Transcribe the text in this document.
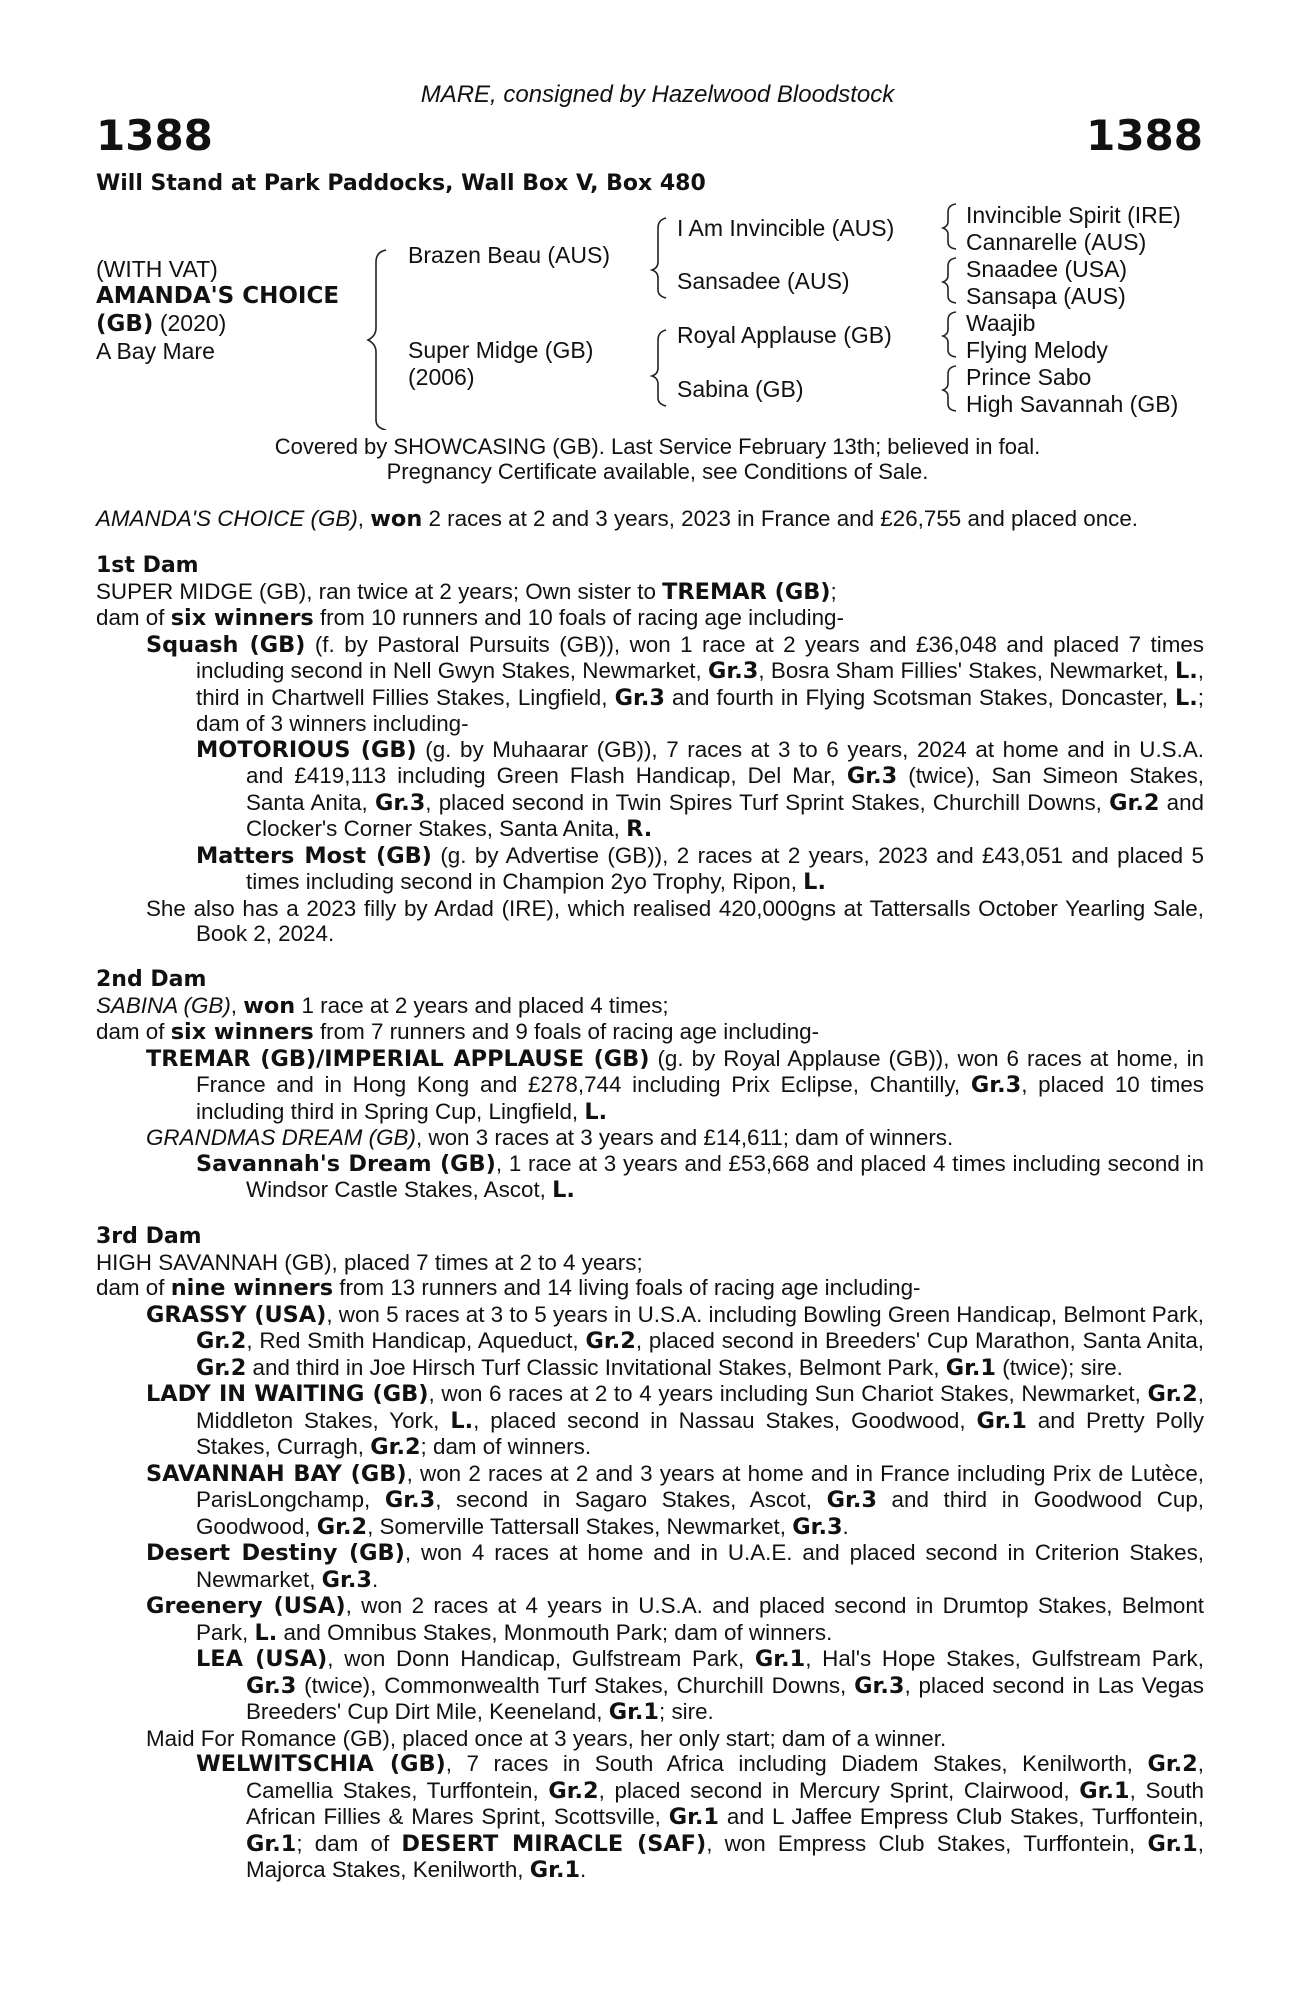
MARE, consigned by Hazelwood Bloodstock
1388	1388
Will Stand at Park Paddocks, Wall Box V, Box 480
(WITH VAT)
AMANDA'S CHOICE
(GB) (2020)
A Bay Mare
Brazen Beau (AUS)
Super Midge (GB)
(2006)
I Am Invincible (AUS)
Sansadee (AUS)
Royal Applause (GB)
Sabina (GB)
Invincible Spirit (IRE)
Cannarelle (AUS)
Snaadee (USA)
Sansapa (AUS)
Waajib
Flying Melody
Prince Sabo
High Savannah (GB)
Covered by SHOWCASING (GB). Last Service February 13th; believed in foal.
Pregnancy Certificate available, see Conditions of Sale.

AMANDA'S CHOICE (GB), won 2 races at 2 and 3 years, 2023 in France and £26,755 and placed once.

1st Dam

SUPER MIDGE (GB), ran twice at 2 years; Own sister to TREMAR (GB);

dam of six winners from 10 runners and 10 foals of racing age including-

Squash (GB) (f. by Pastoral Pursuits (GB)), won 1 race at 2 years and £36,048 and placed 7 times including second in Nell Gwyn Stakes, Newmarket, Gr.3, Bosra Sham Fillies' Stakes, Newmarket, L., third in Chartwell Fillies Stakes, Lingfield, Gr.3 and fourth in Flying Scotsman Stakes, Doncaster, L.; dam of 3 winners including-

MOTORIOUS (GB) (g. by Muhaarar (GB)), 7 races at 3 to 6 years, 2024 at home and in U.S.A. and £419,113 including Green Flash Handicap, Del Mar, Gr.3 (twice), San Simeon Stakes, Santa Anita, Gr.3, placed second in Twin Spires Turf Sprint Stakes, Churchill Downs, Gr.2 and Clocker's Corner Stakes, Santa Anita, R.

Matters Most (GB) (g. by Advertise (GB)), 2 races at 2 years, 2023 and £43,051 and placed 5 times including second in Champion 2yo Trophy, Ripon, L.

She also has a 2023 filly by Ardad (IRE), which realised 420,000gns at Tattersalls October Yearling Sale, Book 2, 2024.

2nd Dam

SABINA (GB), won 1 race at 2 years and placed 4 times;

dam of six winners from 7 runners and 9 foals of racing age including-

TREMAR (GB)/IMPERIAL APPLAUSE (GB) (g. by Royal Applause (GB)), won 6 races at home, in France and in Hong Kong and £278,744 including Prix Eclipse, Chantilly, Gr.3, placed 10 times including third in Spring Cup, Lingfield, L.

GRANDMAS DREAM (GB), won 3 races at 3 years and £14,611; dam of winners.

Savannah's Dream (GB), 1 race at 3 years and £53,668 and placed 4 times including second in Windsor Castle Stakes, Ascot, L.

3rd Dam

HIGH SAVANNAH (GB), placed 7 times at 2 to 4 years;

dam of nine winners from 13 runners and 14 living foals of racing age including-

GRASSY (USA), won 5 races at 3 to 5 years in U.S.A. including Bowling Green Handicap, Belmont Park, Gr.2, Red Smith Handicap, Aqueduct, Gr.2, placed second in Breeders' Cup Marathon, Santa Anita, Gr.2 and third in Joe Hirsch Turf Classic Invitational Stakes, Belmont Park, Gr.1 (twice); sire.

LADY IN WAITING (GB), won 6 races at 2 to 4 years including Sun Chariot Stakes, Newmarket, Gr.2, Middleton Stakes, York, L., placed second in Nassau Stakes, Goodwood, Gr.1 and Pretty Polly Stakes, Curragh, Gr.2; dam of winners.

SAVANNAH BAY (GB), won 2 races at 2 and 3 years at home and in France including Prix de Lutèce, ParisLongchamp, Gr.3, second in Sagaro Stakes, Ascot, Gr.3 and third in Goodwood Cup, Goodwood, Gr.2, Somerville Tattersall Stakes, Newmarket, Gr.3.

Desert Destiny (GB), won 4 races at home and in U.A.E. and placed second in Criterion Stakes, Newmarket, Gr.3.

Greenery (USA), won 2 races at 4 years in U.S.A. and placed second in Drumtop Stakes, Belmont Park, L. and Omnibus Stakes, Monmouth Park; dam of winners.

LEA (USA), won Donn Handicap, Gulfstream Park, Gr.1, Hal's Hope Stakes, Gulfstream Park, Gr.3 (twice), Commonwealth Turf Stakes, Churchill Downs, Gr.3, placed second in Las Vegas Breeders' Cup Dirt Mile, Keeneland, Gr.1; sire.

Maid For Romance (GB), placed once at 3 years, her only start; dam of a winner.

WELWITSCHIA (GB), 7 races in South Africa including Diadem Stakes, Kenilworth, Gr.2, Camellia Stakes, Turffontein, Gr.2, placed second in Mercury Sprint, Clairwood, Gr.1, South African Fillies & Mares Sprint, Scottsville, Gr.1 and L Jaffee Empress Club Stakes, Turffontein, Gr.1; dam of DESERT MIRACLE (SAF), won Empress Club Stakes, Turffontein, Gr.1, Majorca Stakes, Kenilworth, Gr.1.
